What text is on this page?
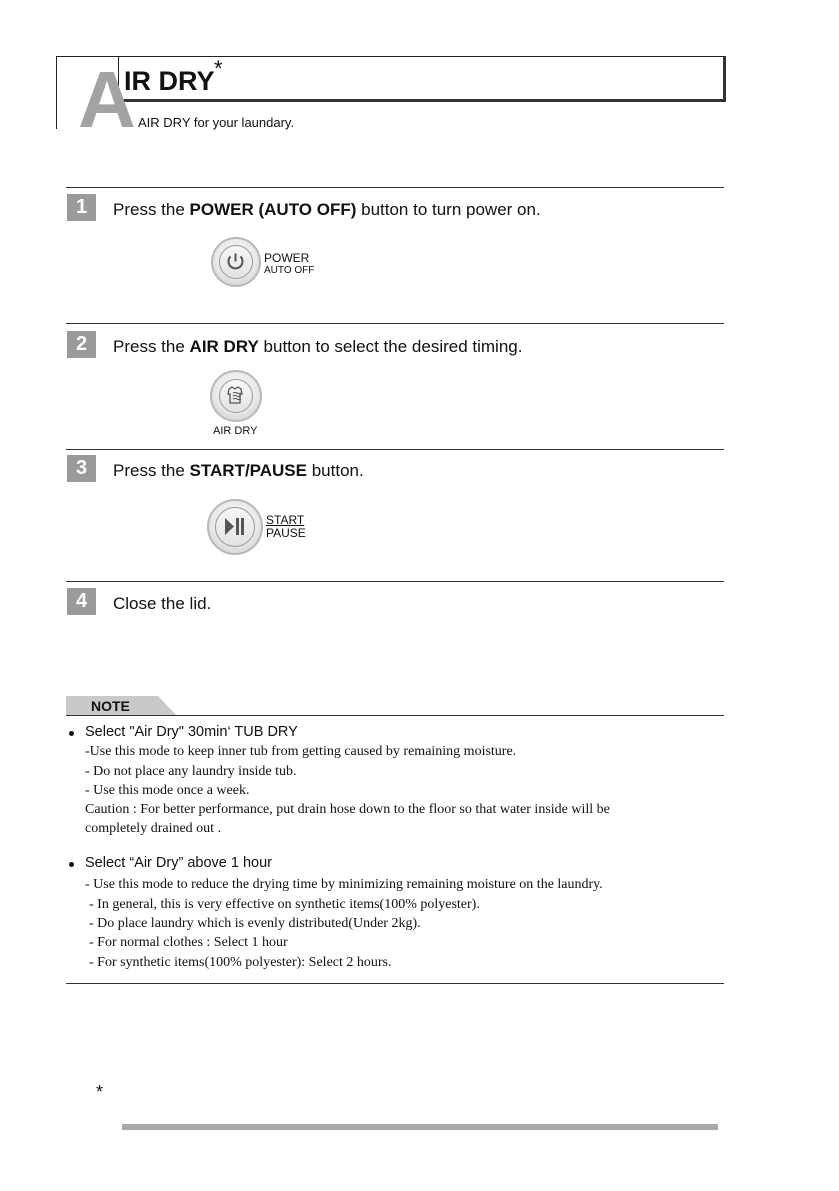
A
IR DRY *
AIR DRY for your laundary.
1	Press the POWER (AUTO OFF) button to turn power on.
POWER
AUTO OFF
2	Press the AIR DRY button to select the desired timing.
AIR DRY
3	Press the START/PAUSE button.
START
PAUSE
4	Close the lid.
NOTE
Select "Air Dry" 30min‘ TUB DRY
-Use this mode to keep inner tub from getting caused by remaining moisture.
- Do not place any laundry inside tub.
- Use this mode once a week.
Caution : For better performance, put drain hose down to the floor so that water inside will be
completely drained out .
Select “Air Dry” above 1 hour
- Use this mode to reduce the drying time by minimizing remaining moisture on the laundry.
- In general, this is very effective on synthetic items(100% polyester).
- Do place laundry which is evenly distributed(Under 2kg).
- For normal clothes : Select 1 hour
- For synthetic items(100% polyester): Select 2 hours.
*
